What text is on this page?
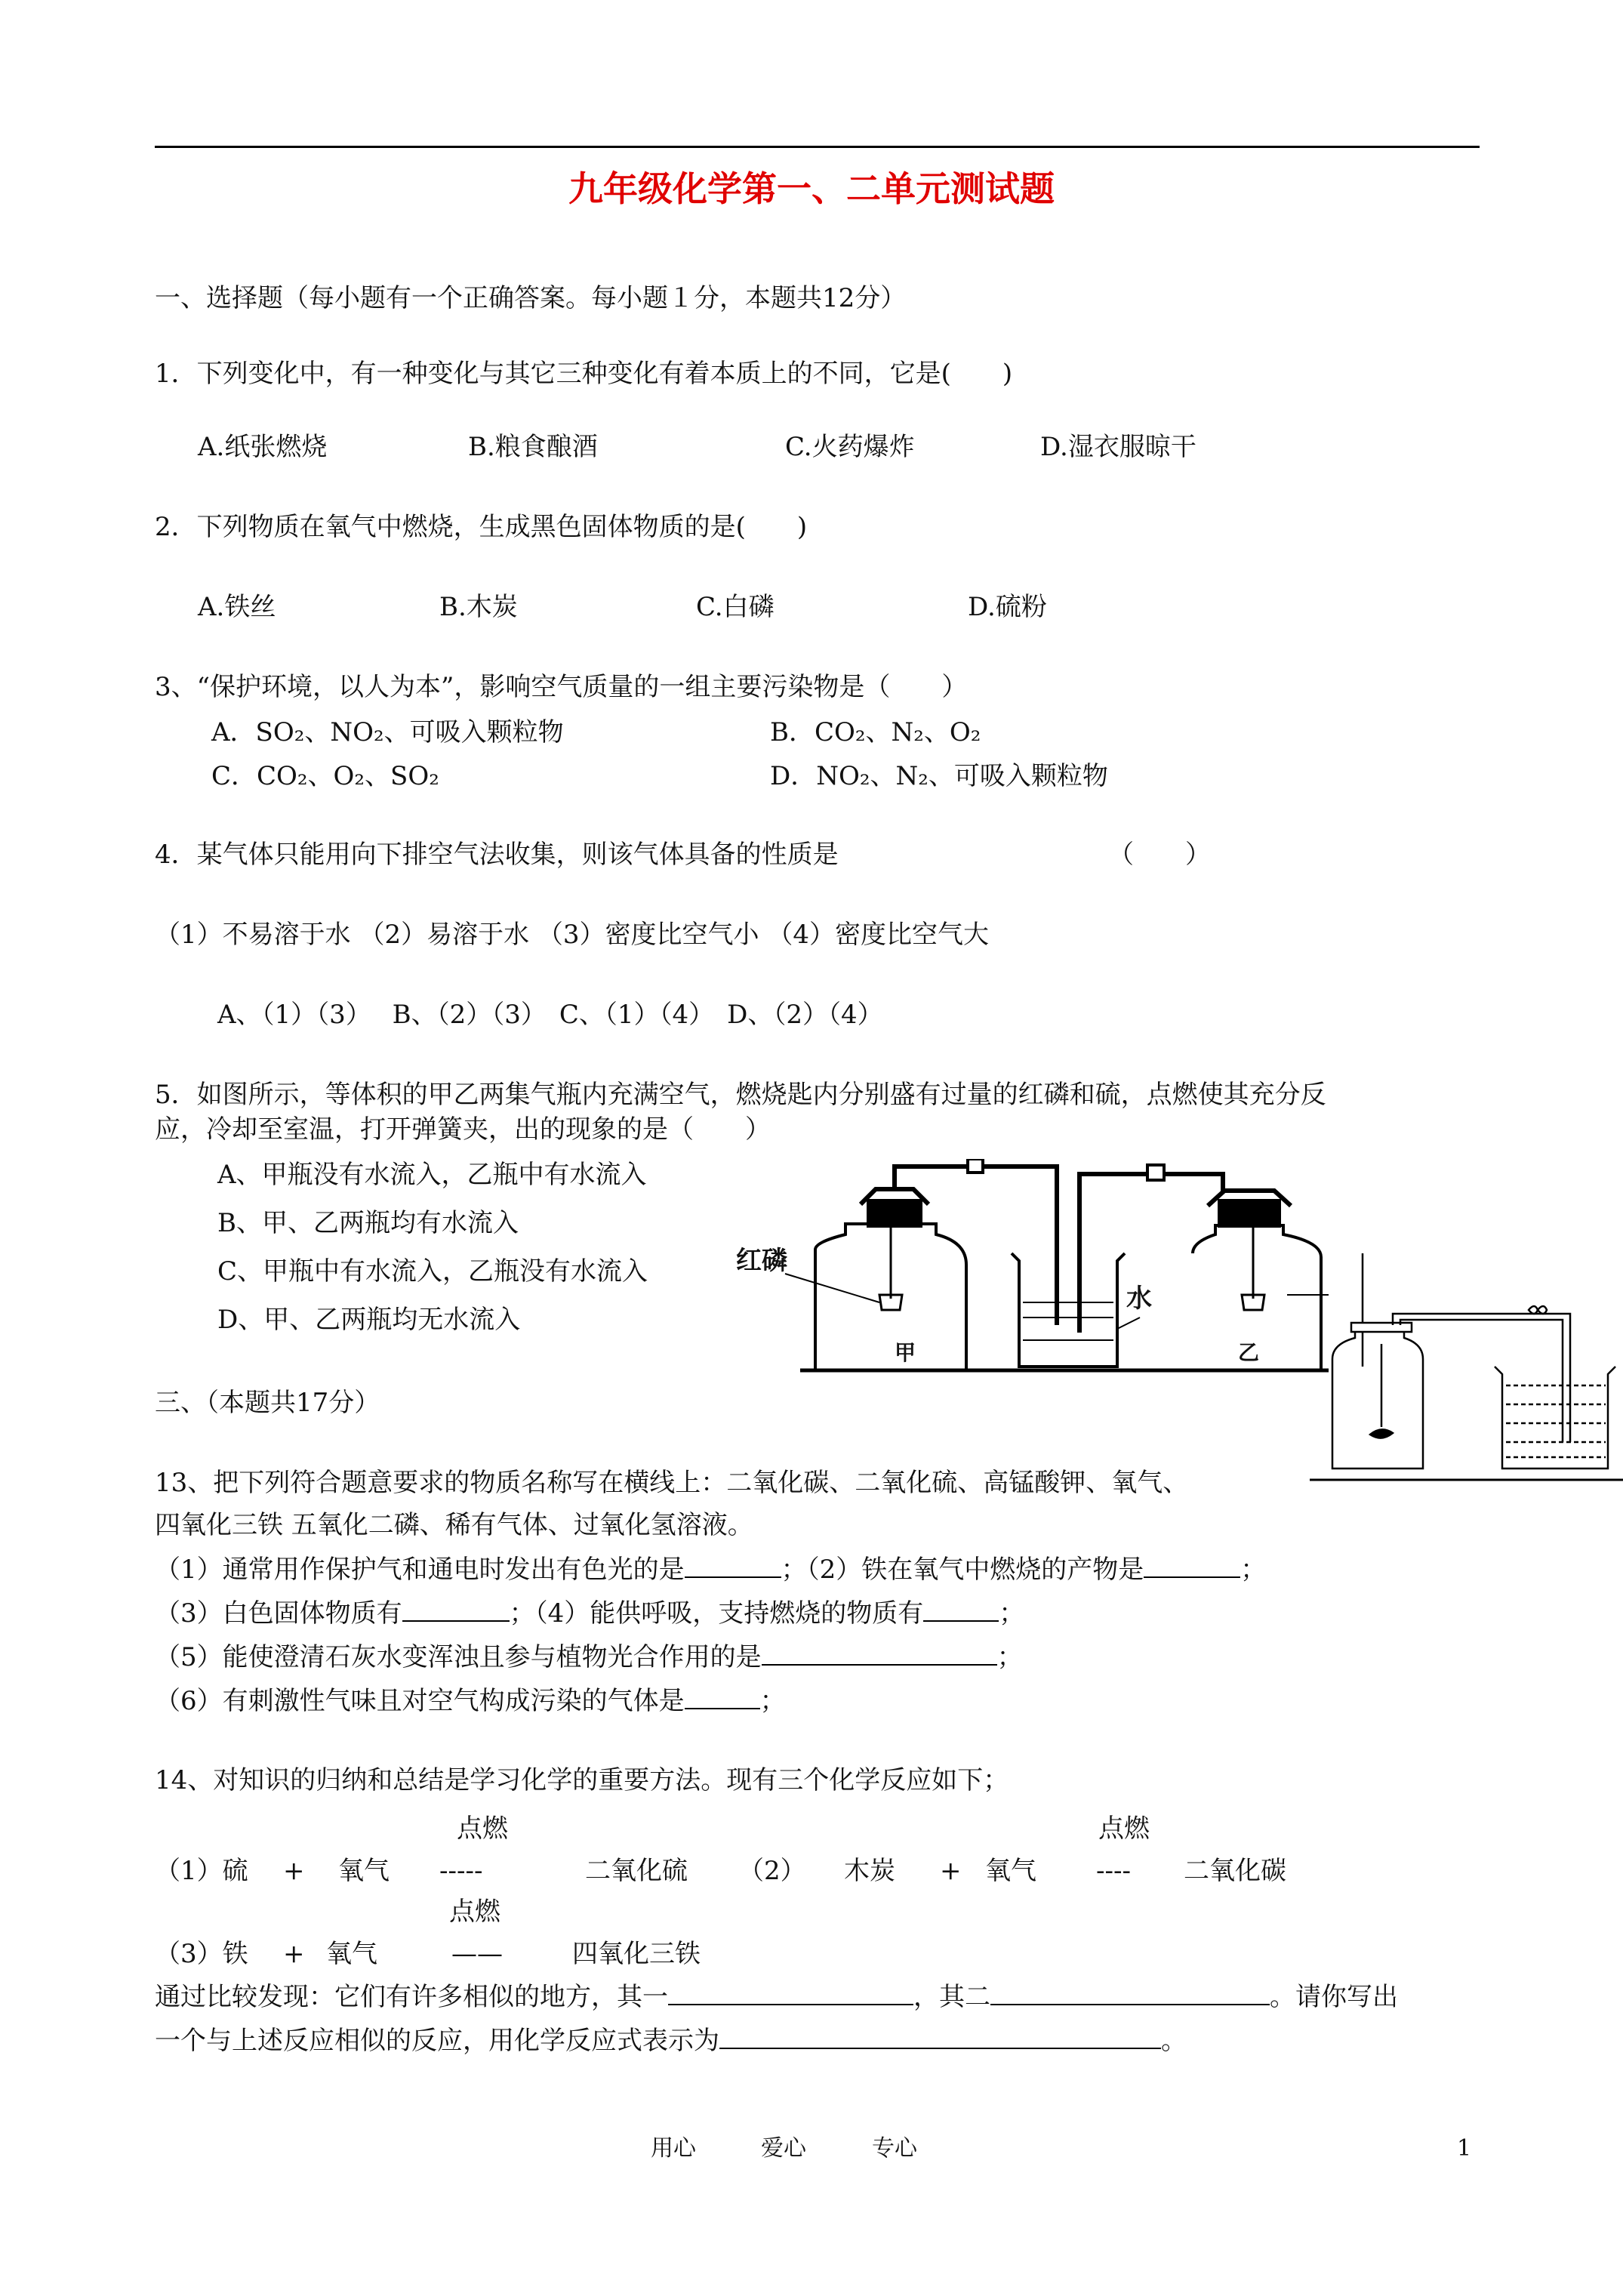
九年级化学第一、二单元测试题
一、选择题（每小题有一个正确答案。每小题１分，本题共12分）
1．下列变化中，有一种变化与其它三种变化有着本质上的不同，它是(　　)
A.纸张燃烧	B.粮食酿酒	C.火药爆炸	D.湿衣服晾干
2．下列物质在氧气中燃烧，生成黑色固体物质的是(　　)
A.铁丝	B.木炭	C.白磷	D.硫粉
3、“保护环境，以人为本”，影响空气质量的一组主要污染物是（　　）
A．SO₂、NO₂、可吸入颗粒物	B．CO₂、N₂、O₂
C．CO₂、O₂、SO₂	D．NO₂、N₂、可吸入颗粒物
4．某气体只能用向下排空气法收集，则该气体具备的性质是	（　　）
（1）不易溶于水 （2）易溶于水 （3）密度比空气小 （4）密度比空气大
A、（1）（3）　 B、（2）（3）　C、（1）（4）　D、（2）（4）
5．如图所示，等体积的甲乙两集气瓶内充满空气，燃烧匙内分别盛有过量的红磷和硫，点燃使其充分反
应，冷却至室温，打开弹簧夹，出的现象的是（　　）
A、甲瓶没有水流入，乙瓶中有水流入
B、甲、乙两瓶均有水流入
C、甲瓶中有水流入，乙瓶没有水流入
D、甲、乙两瓶均无水流入
红磷
水
甲	乙
三、（本题共17分）
13、把下列符合题意要求的物质名称写在横线上：二氧化碳、二氧化硫、高锰酸钾、氧气、
四氧化三铁 五氧化二磷、稀有气体、过氧化氢溶液。
（1）通常用作保护气和通电时发出有色光的是	；（2）铁在氧气中燃烧的产物是	；
（3）白色固体物质有	；（4）能供呼吸，支持燃烧的物质有	；
（5）能使澄清石灰水变浑浊且参与植物光合作用的是	；
（6）有刺激性气味且对空气构成污染的气体是	；
14、对知识的归纳和总结是学习化学的重要方法。现有三个化学反应如下；
点燃	点燃
（1）硫 + 氧气 -----	二氧化硫 （2） 木炭 + 氧气 ---- 二氧化碳
点燃
（3）铁 + 氧气	——	四氧化三铁
通过比较发现：它们有许多相似的地方，其一	，其二	。请你写出
一个与上述反应相似的反应，用化学反应式表示为	。
用心	爱心	专心	1
